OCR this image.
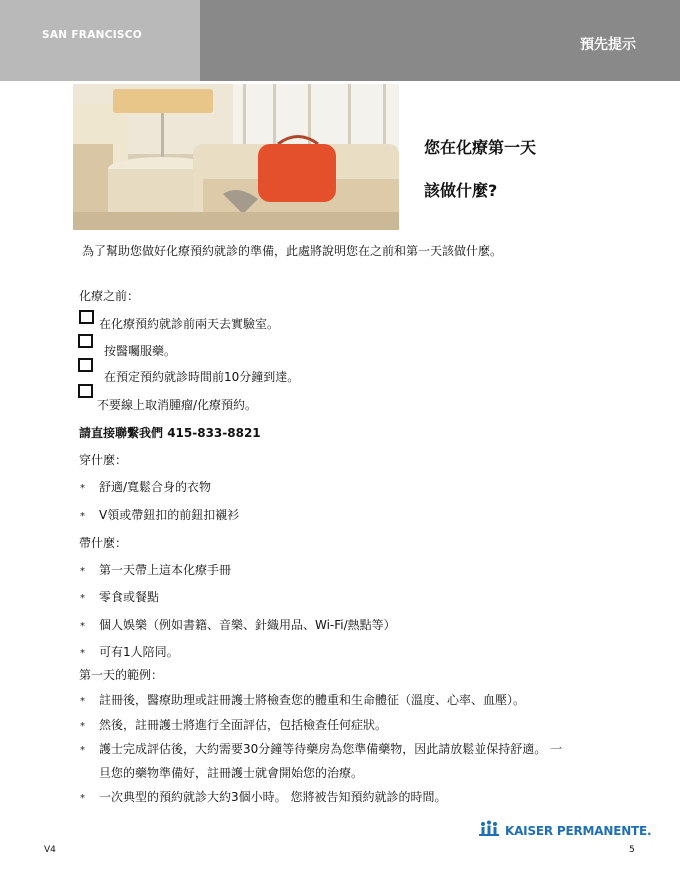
SAN FRANCISCO
預先提示
您在化療第一天
該做什麼?
為了幫助您做好化療預約就診的準備，此處將說明您在之前和第一天該做什麼。
化療之前：
在化療預約就診前兩天去實驗室。
按醫囑服藥。
在預定預約就診時間前10分鐘到達。
不要線上取消腫瘤/化療預約。
請直接聯繫我們 415-833-8821
穿什麼：
* 舒適/寬鬆合身的衣物
* V領或帶鈕扣的前鈕扣襯衫
帶什麼：
* 第一天帶上這本化療手冊
* 零食或餐點
* 個人娛樂（例如書籍、音樂、針織用品、Wi-Fi/熱點等）
* 可有1人陪同。
第一天的範例：
* 註冊後，醫療助理或註冊護士將檢查您的體重和生命體征（溫度、心率、血壓）。
* 然後，註冊護士將進行全面評估，包括檢查任何症狀。
* 護士完成評估後，大約需要30分鐘等待藥房為您準備藥物，因此請放鬆並保持舒適。 一
旦您的藥物準備好，註冊護士就會開始您的治療。
* 一次典型的預約就診大約3個小時。 您將被告知預約就診的時間。
KAISER PERMANENTE.
V4	5
